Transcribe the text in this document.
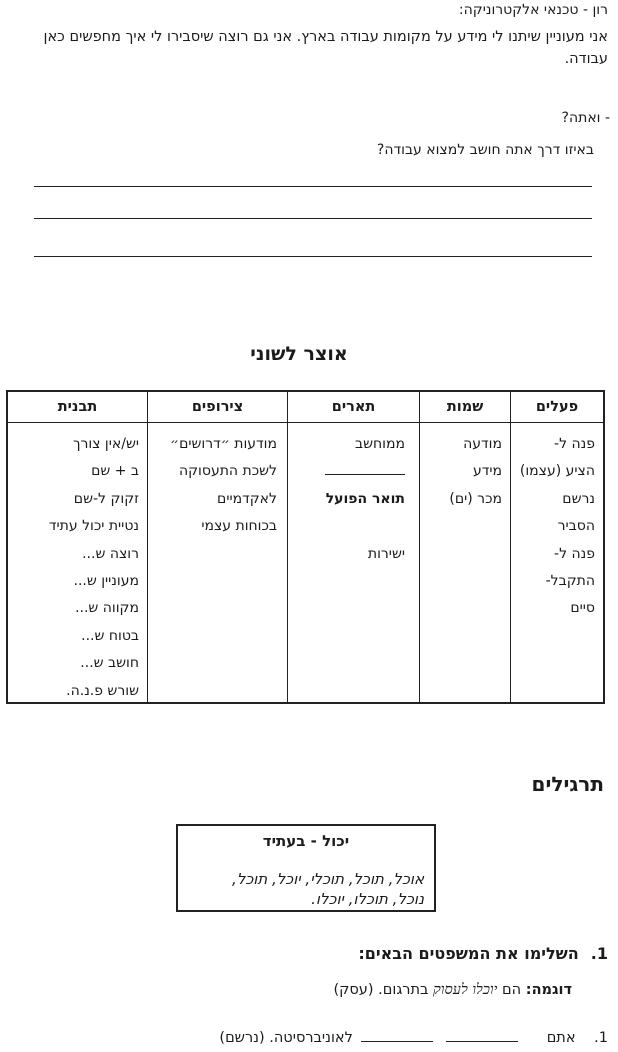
רון - טכנאי אלקטרוניקה:
אני מעוניין שיתנו לי מידע על מקומות עבודה בארץ. אני גם רוצה שיסבירו לי איך מחפשים כאן עבודה.
- ואתה?
באיזו דרך אתה חושב למצוא עבודה?
אוצר לשוני
פעלים
פנה ל-
הציע (עצמו)
נרשם
הסביר
פנה ל-
התקבל-
סיים
שמות
מודעה
מידע
מכר (ים)
תארים
ממוחשב
תואר הפועל
ישירות
צירופים
מודעות ״דרושים״
לשכת התעסוקה
לאקדמיים
בכוחות עצמי
תבנית
יש/אין צורך
ב + שם
זקוק ל-שם
נטיית יכול עתיד
רוצה ש...
מעוניין ש...
מקווה ש...
בטוח ש...
חושב ש...
שורש פ.נ.ה.
תרגילים
יכול - בעתיד
אוכל, תוכל, תוכלי, יוכל, תוכל,
נוכל, תוכלו, יוכלו.
1.השלימו את המשפטים הבאים:
דוגמה: הם יוכלו לעסוק בתרגום. (עסק)
1. אתם   לאוניברסיטה. (נרשם)
